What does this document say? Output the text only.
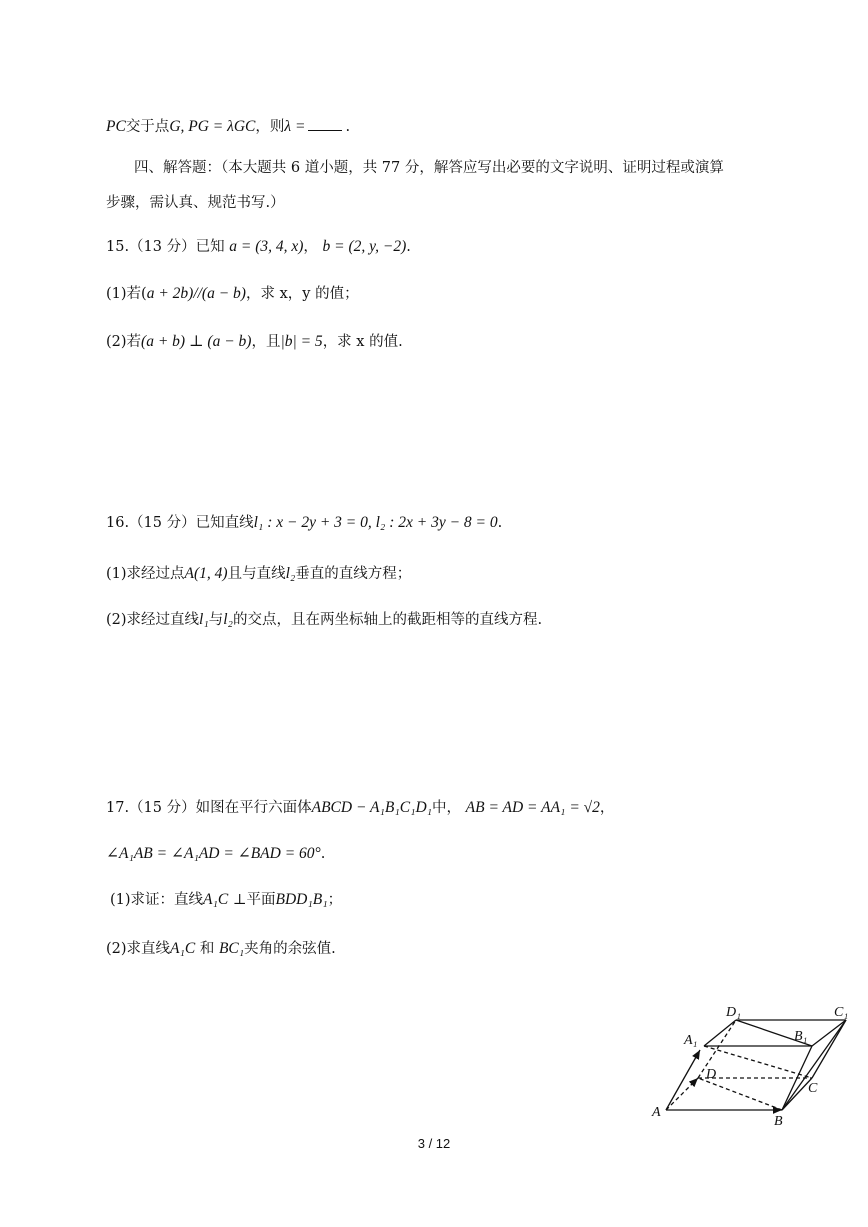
PC交于点G, PG = λGC，则λ =	.
四、解答题：（本大题共 6 道小题，共 77 分，解答应写出必要的文字说明、证明过程或演算
步骤，需认真、规范书写.）
15.（13 分）已知 a = (3, 4, x)， b = (2, y, −2).
(1)若(a + 2b)//(a − b)，求 x，y 的值；
(2)若(a + b) ⊥ (a − b)，且|b| = 5，求 x 的值.
16.（15 分）已知直线l₁ : x − 2y + 3 = 0, l₂ : 2x + 3y − 8 = 0.
(1)求经过点A(1, 4)且与直线l₂垂直的直线方程；
(2)求经过直线l₁与l₂的交点，且在两坐标轴上的截距相等的直线方程.
17.（15 分）如图在平行六面体ABCD − A₁B₁C₁D₁中， AB = AD = AA₁ = √2，
∠A₁AB = ∠A₁AD = ∠BAD = 60°.
(1)求证：直线A₁C ⊥平面BDD₁B₁；
(2)求直线A₁C 和 BC₁夹角的余弦值.
A
B
C
D
A₁	B₁
C₁
D₁
3 / 12
